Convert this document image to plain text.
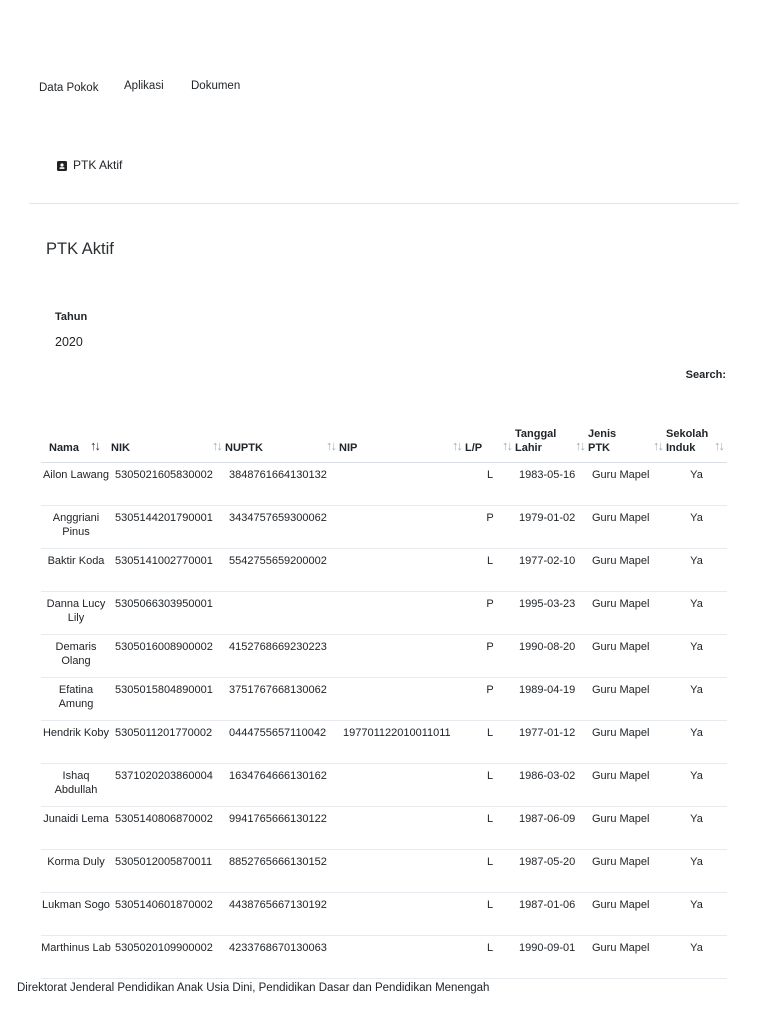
Data Pokok Aplikasi Dokumen
PTK Aktif
PTK Aktif
Tahun
2020
Search:
Nama ↑↓	NIK ↑↓	NUPTK ↑↓	NIP ↑↓	L/P ↑↓	Tanggal Lahir ↑↓	Jenis PTK ↑↓	Sekolah Induk ↑↓

Ailon Lawang	5305021605830002	3848761664130132		L	1983-05-16	Guru Mapel	Ya
Anggriani Pinus	5305144201790001	3434757659300062		P	1979-01-02	Guru Mapel	Ya
Baktir Koda	5305141002770001	5542755659200002		L	1977-02-10	Guru Mapel	Ya
Danna Lucy Lily	5305066303950001			P	1995-03-23	Guru Mapel	Ya
Demaris Olang	5305016008900002	4152768669230223		P	1990-08-20	Guru Mapel	Ya
Efatina Amung	5305015804890001	3751767668130062		P	1989-04-19	Guru Mapel	Ya
Hendrik Koby	5305011201770002	0444755657110042	197701122010011011	L	1977-01-12	Guru Mapel	Ya
Ishaq Abdullah	5371020203860004	1634764666130162		L	1986-03-02	Guru Mapel	Ya
Junaidi Lema	5305140806870002	9941765666130122		L	1987-06-09	Guru Mapel	Ya
Korma Duly	5305012005870011	8852765666130152		L	1987-05-20	Guru Mapel	Ya
Lukman Sogo	5305140601870002	4438765667130192		L	1987-01-06	Guru Mapel	Ya
Marthinus Lab	5305020109900002	4233768670130063		L	1990-09-01	Guru Mapel	Ya
Direktorat Jenderal Pendidikan Anak Usia Dini, Pendidikan Dasar dan Pendidikan Menengah
